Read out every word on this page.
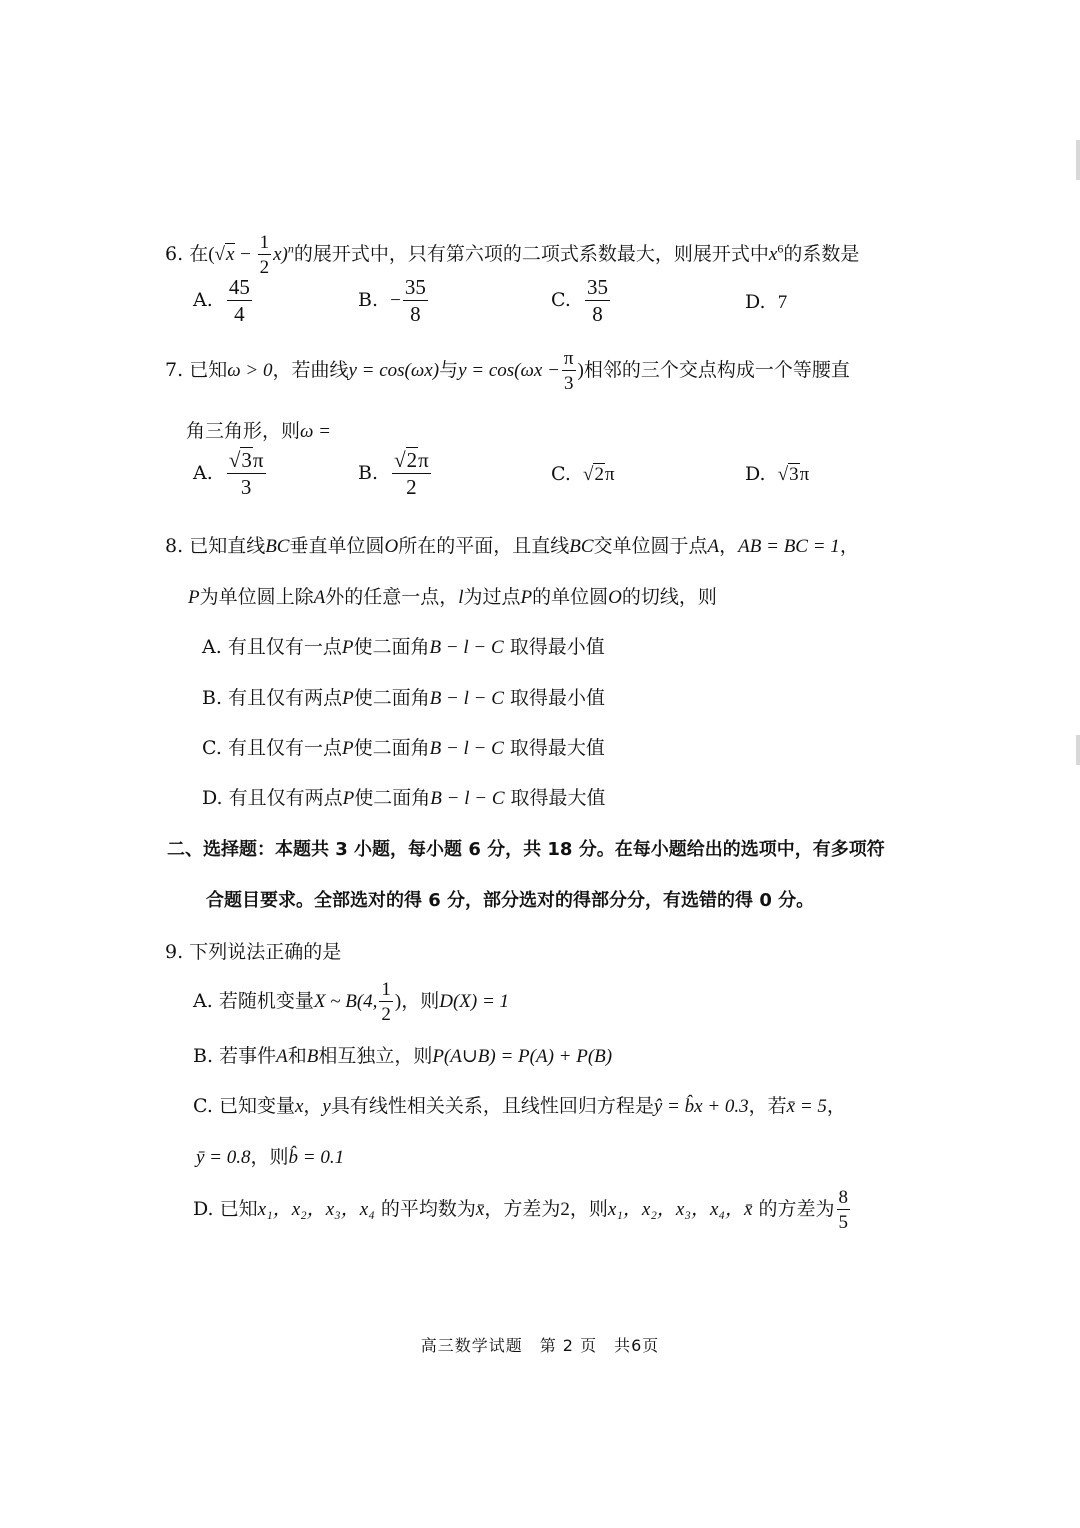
6. 在$(√x - \frac{1}{2} x)^n$的展开式中，只有第六项的二项式系数最大，则展开式中$x^6$的系数是
A. $\frac{45}{4}$	B. − $\frac{35}{8}$	C. $\frac{35}{8}$	D. 7
7. 已知ω > 0，若曲线y = cos(ωx)与$y = \cos(\omega x - \frac{\pi}{3}$ )相邻的三个交点构成一个等腰直
角三角形，则ω =
A. $\frac{√3\pi}{3}$	B. $\frac{√2\pi}{2}$	C. √2π	D. √3π
8. 已知直线BC垂直单位圆O所在的平面，且直线BC交单位圆于点A，AB = BC = 1，
P为单位圆上除A外的任意一点，l为过点P的单位圆O的切线，则
A. 有且仅有一点P使二面角B − l − C 取得最小值
B. 有且仅有两点P使二面角B − l − C 取得最小值
C. 有且仅有一点P使二面角B − l − C 取得最大值
D. 有且仅有两点P使二面角B − l − C 取得最大值
二、选择题：本题共 3 小题，每小题 6 分，共 18 分。在每小题给出的选项中，有多项符
合题目要求。全部选对的得 6 分，部分选对的得部分分，有选错的得 0 分。
9. 下列说法正确的是
A. 若随机变量X ~ B(4, $\frac{1}{2}$ )，则D(X) = 1
B. 若事件A和B相互独立，则P(A∪B) = P(A) + P(B)
C. 已知变量x，y具有线性相关关系，且线性回归方程是ŷ = b̂x + 0.3，若x̄ = 5，
ȳ = 0.8，则b̂ = 0.1
D. 已知x₁，x₂，x₃，x₄ 的平均数为x̄，方差为2，则x₁，x₂，x₃，x₄，x̄ 的方差为 $\frac{8}{5}$
高三数学试题　第 2 页　共6页
